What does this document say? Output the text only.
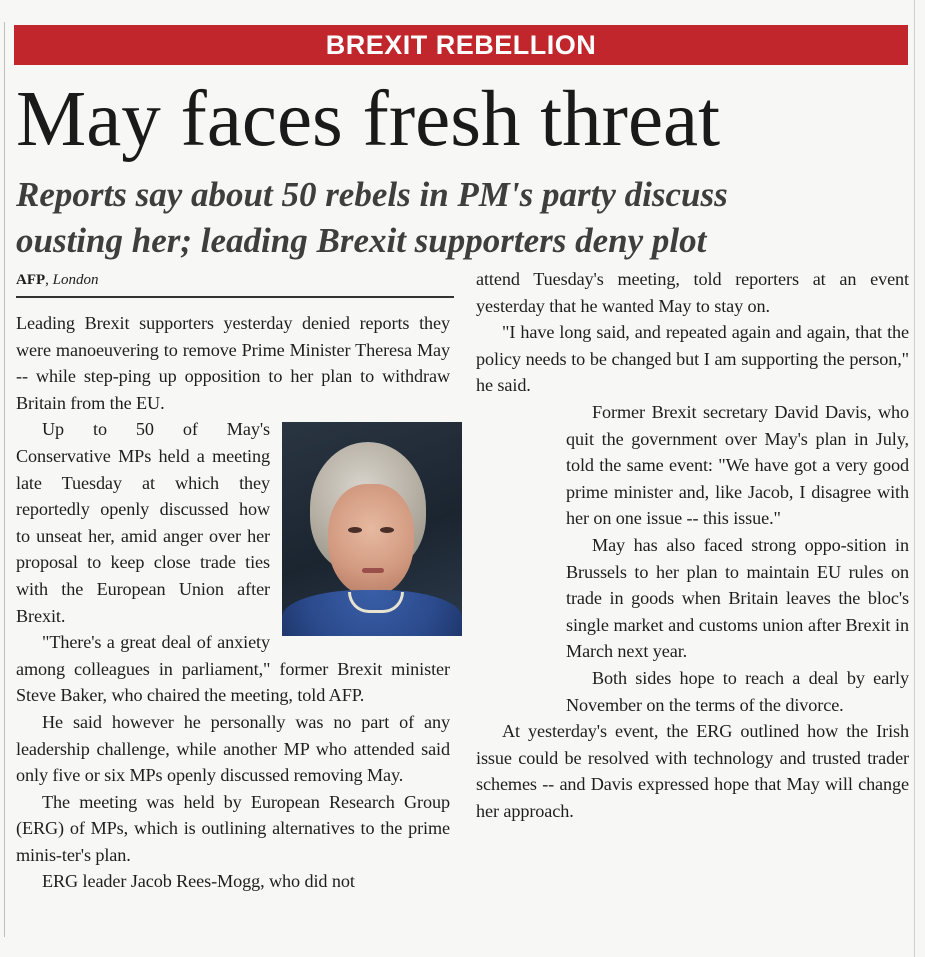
BREXIT REBELLION
May faces fresh threat
Reports say about 50 rebels in PM's party discuss
ousting her; leading Brexit supporters deny plot
AFP, London

Leading Brexit supporters yesterday denied reports they were manoeuvering to remove Prime Minister Theresa May -- while step-ping up opposition to her plan to withdraw Britain from the EU.

Up to 50 of May's Conservative MPs held a meeting late Tuesday at which they reportedly openly discussed how to unseat her, amid anger over her proposal to keep close trade ties with the European Union after Brexit.

"There's a great deal of anxiety among colleagues in parliament," former Brexit minister Steve Baker, who chaired the meeting, told AFP.

He said however he personally was no part of any leadership challenge, while another MP who attended said only five or six MPs openly discussed removing May.

The meeting was held by European Research Group (ERG) of MPs, which is outlining alternatives to the prime minis-ter's plan.

ERG leader Jacob Rees-Mogg, who did not

attend Tuesday's meeting, told reporters at an event yesterday that he wanted May to stay on.

"I have long said, and repeated again and again, that the policy needs to be changed but I am supporting the person," he said.

Former Brexit secretary David Davis, who quit the government over May's plan in July, told the same event: "We have got a very good prime minister and, like Jacob, I disagree with her on one issue -- this issue."

May has also faced strong oppo-sition in Brussels to her plan to maintain EU rules on trade in goods when Britain leaves the bloc's single market and customs union after Brexit in March next year.

Both sides hope to reach a deal by early November on the terms of the divorce.

At yesterday's event, the ERG outlined how the Irish issue could be resolved with technology and trusted trader schemes -- and Davis expressed hope that May will change her approach.
